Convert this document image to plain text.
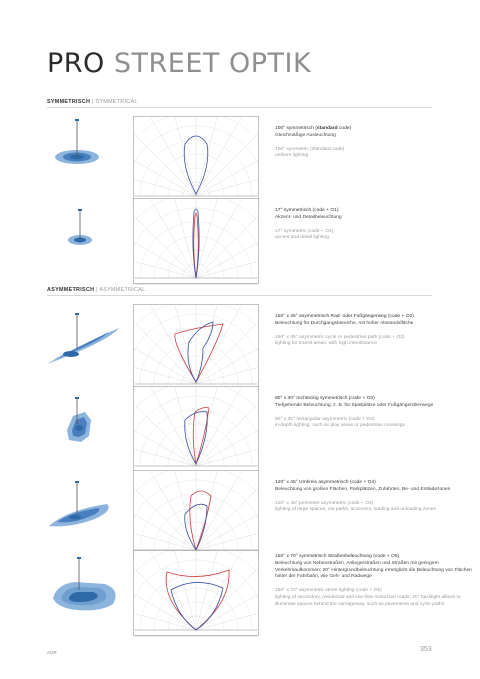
PRO STREET OPTIK
SYMMETRISCH | SYMMETRICAL
ASYMMETRISCH | ASYMMETRICAL
100° symmetrisch (standard code)
Gleichmäßige Ausleuchtung
100° symmetric (standard code)
uniform lighting
17° symmetrisch (code + O1)
Akzent- und Detailbeleuchtung
17° symmetric (code + O1)
accent and detail lighting
150° x 45° asymmetrisch Rad- oder Fußgängerweg (code + O2)
Beleuchtung für Durchgangsbereiche, mit hoher Abstandsfläche
150° x 45° asymmetric cycle or pedestrian path (code + O2)
lighting for transit areas, with high interdistance
90° x 30° rechteckig symmetrisch (code + O3)
Tiefgehende Beleuchtung, z. B. für Spielplätze oder Fußgängerüberwege
90° x 30° rectangular asymmetric (code + O3)
in-depth lighting, such as play areas or pedestrian crossings
120° x 45° Umkreis asymmetrisch (code + O4)
Beleuchtung von großen Flächen, Parkplätzen, Zufahrten, Be- und Entladezonen
120° x 45° perimeter asymmetric (code + O4)
lighting of large spaces, car parks, accesses, loading and unloading zones
150° x 70° symmetrisch Straßenbeleuchtung (code + O5)
Beleuchtung von Nebenstraßen, Anliegerstraßen und Straßen mit geringem Verkehrsaufkommen; 20° Hintergrundbeleuchtung ermöglicht die Beleuchtung von Flächen hinter der Fahrbahn, wie Geh- und Radwege
150° x 70° asymmetric street lighting (code + O5)
lighting of secondary, residential and low-flow motorized roads; 20° backlight allows to illuminate spaces behind the carriageway, such as pavements and cycle paths
AGR	353
